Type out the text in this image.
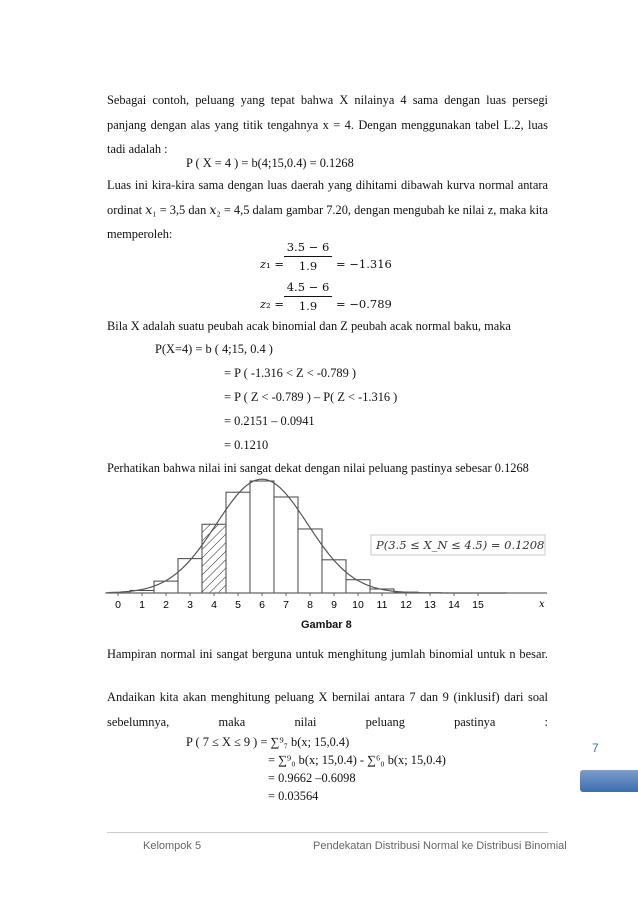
Sebagai contoh, peluang yang tepat bahwa X nilainya 4 sama dengan luas persegi panjang dengan alas yang titik tengahnya x = 4. Dengan menggunakan tabel L.2, luas tadi adalah :
P ( X = 4 ) = b(4;15,0.4) = 0.1268
Luas ini kira-kira sama dengan luas daerah yang dihitami dibawah kurva normal antara ordinat 𝑥₁ = 3,5 dan 𝑥₂ = 4,5 dalam gambar 7.20, dengan mengubah ke nilai z, maka kita memperoleh:
𝑧₁ = $\frac{3.5 - 6}{1.9} = -1.316$
𝑧₂ = $\frac{4.5 - 6}{1.9} = -0.789$
Bila X adalah suatu peubah acak binomial dan Z peubah acak normal baku, maka
P(X=4) = b ( 4;15, 0.4 )
= P ( -1.316 < Z < -0.789 )
= P ( Z < -0.789 ) – P( Z < -1.316 )
= 0.2151 – 0.0941
= 0.1210
Perhatikan bahwa nilai ini sangat dekat dengan nilai peluang pastinya sebesar 0.1268
0 1 2 3 4 5 6 7 8 9 10 11 12 13 14 15	x
P(3.5 ≤ X_N ≤ 4.5) = 0.1208
Gambar 8
Hampiran normal ini sangat berguna untuk menghitung jumlah binomial untuk n besar.
Andaikan kita akan menghitung peluang X bernilai antara 7 dan 9 (inklusif) dari soal sebelumnya, maka nilai peluang pastinya :
P ( 7 ≤ X ≤ 9 ) = ∑⁹₇ b(x; 15,0.4)
= ∑⁹₀ b(x; 15,0.4) - ∑⁶₀ b(x; 15,0.4)
= 0.9662 –0.6098
= 0.03564
7
Kelompok 5	Pendekatan Distribusi Normal ke Distribusi Binomial
